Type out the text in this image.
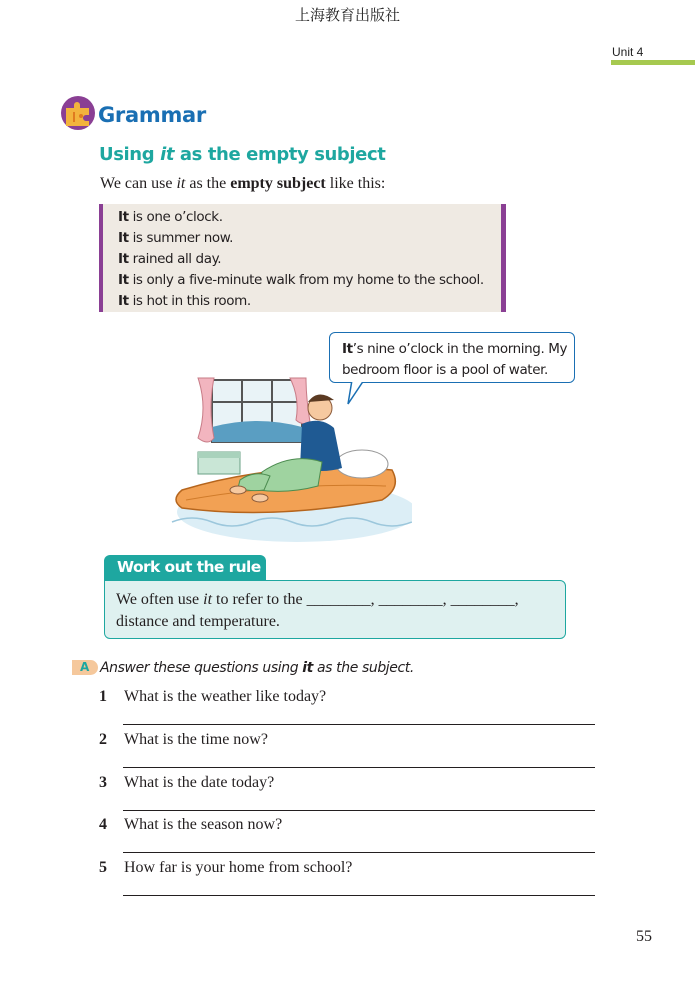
上海教育出版社
Unit 4
Grammar
Using it as the empty subject
We can use it as the empty subject like this:
It is one o’clock.
It is summer now.
It rained all day.
It is only a five-minute walk from my home to the school.
It is hot in this room.
It’s nine o’clock in the morning. My bedroom floor is a pool of water.
Work out the rule
We often use it to refer to the ________, ________, ________,
distance and temperature.
A Answer these questions using it as the subject.
1 What is the weather like today?
2 What is the time now?
3 What is the date today?
4 What is the season now?
5 How far is your home from school?
55
